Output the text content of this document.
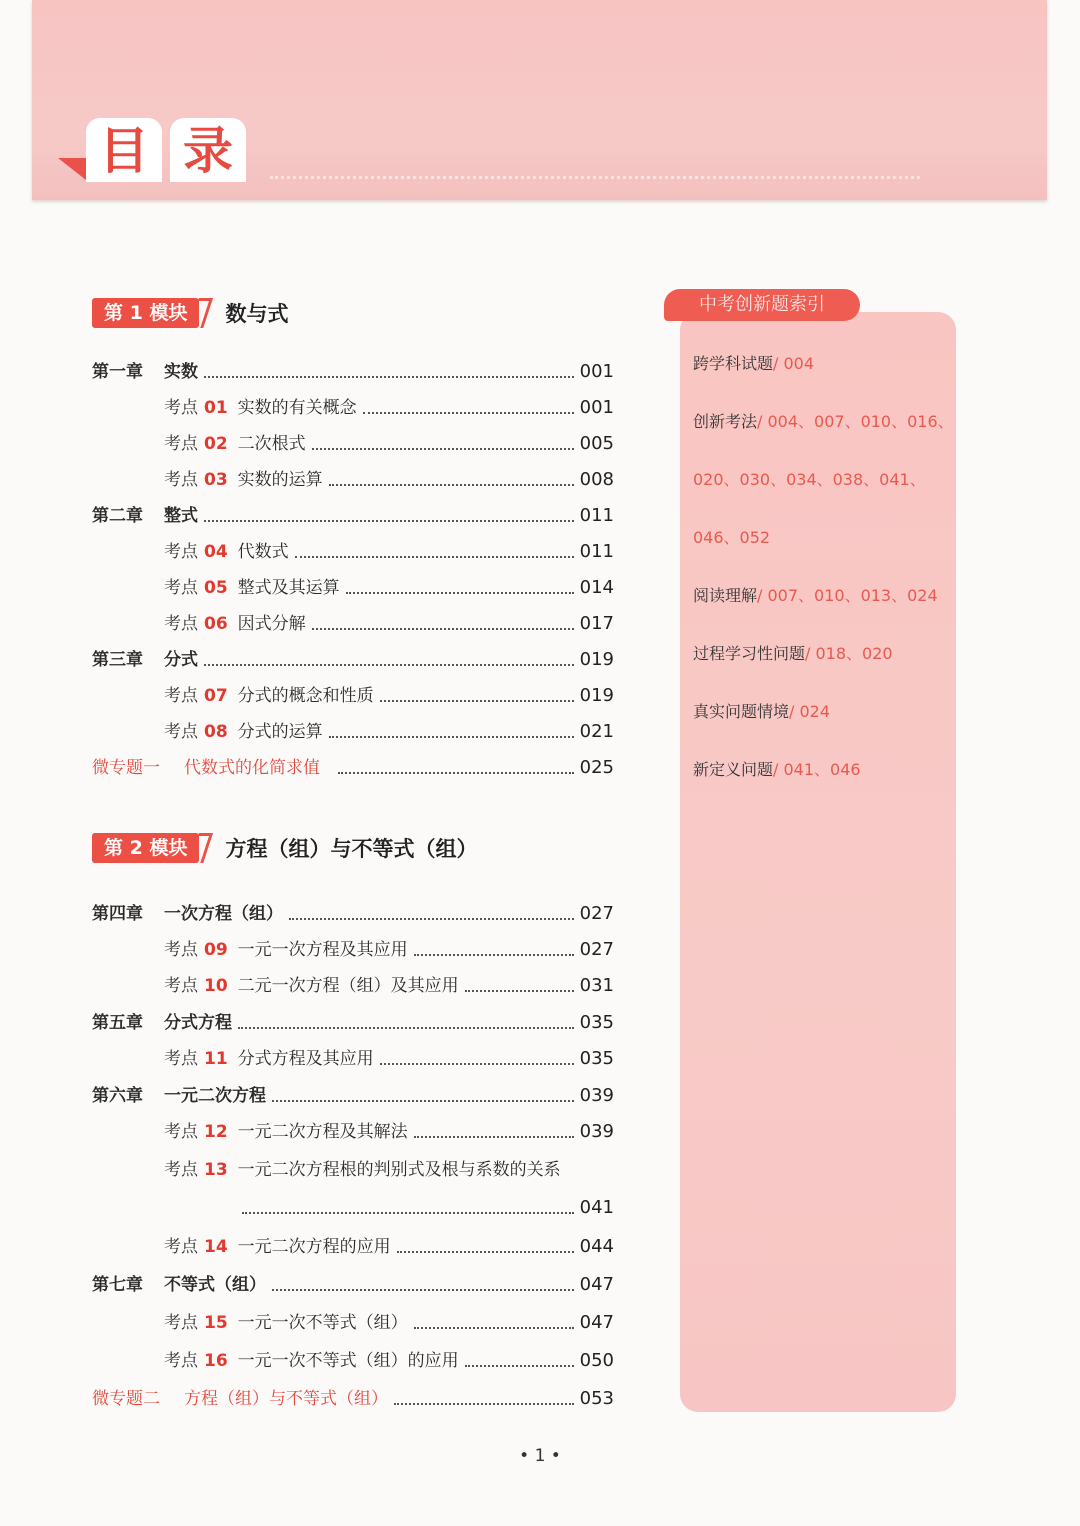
目 录
第 1 模块	数与式
第一章	实数	001
考点 01 实数的有关概念	001
考点 02 二次根式	005
考点 03 实数的运算	008
第二章	整式	011
考点 04 代数式	011
考点 05 整式及其运算	014
考点 06 因式分解	017
第三章	分式	019
考点 07 分式的概念和性质	019
考点 08 分式的运算	021
微专题一	代数式的化简求值	025
第 2 模块	方程（组）与不等式（组）
第四章	一次方程（组）	027
考点 09 一元一次方程及其应用	027
考点 10 二元一次方程（组）及其应用	031
第五章	分式方程	035
考点 11 分式方程及其应用	035
第六章	一元二次方程	039
考点 12 一元二次方程及其解法	039
考点 13 一元二次方程根的判别式及根与系数的关系
041
考点 14 一元二次方程的应用	044
第七章	不等式（组）	047
考点 15 一元一次不等式（组）	047
考点 16 一元一次不等式（组）的应用	050
微专题二	方程（组）与不等式（组）	053
中考创新题索引
跨学科试题/ 004
创新考法/ 004、007、010、016、
020、030、034、038、041、
046、052
阅读理解/ 007、010、013、024
过程学习性问题/ 018、020
真实问题情境/ 024
新定义问题/ 041、046
• 1 •
